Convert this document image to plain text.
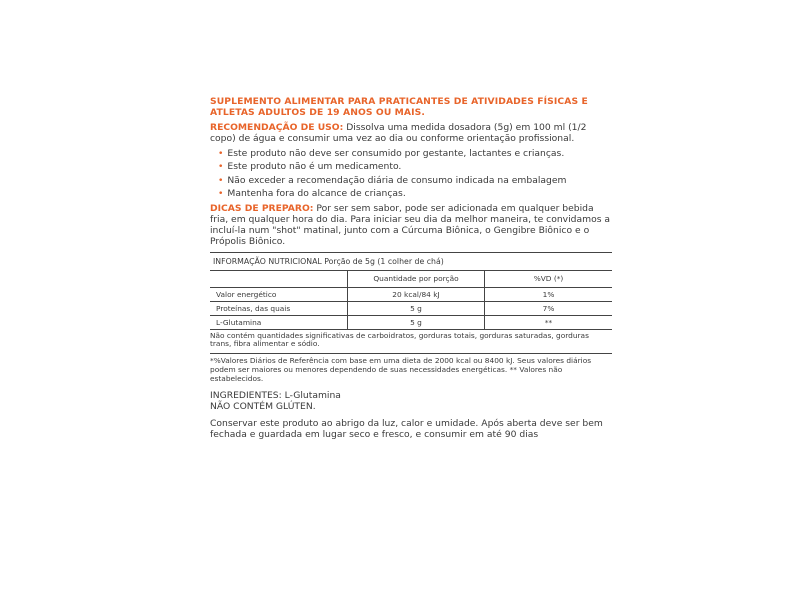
SUPLEMENTO ALIMENTAR PARA PRATICANTES DE ATIVIDADES FÍSICAS E ATLETAS ADULTOS DE 19 ANOS OU MAIS.

RECOMENDAÇÃO DE USO: Dissolva uma medida dosadora (5g) em 100 ml (1/2 copo) de água e consumir uma vez ao dia ou conforme orientação profissional.

• Este produto não deve ser consumido por gestante, lactantes e crianças.
• Este produto não é um medicamento.
• Não exceder a recomendação diária de consumo indicada na embalagem
• Mantenha fora do alcance de crianças.

DICAS DE PREPARO: Por ser sem sabor, pode ser adicionada em qualquer bebida fria, em qualquer hora do dia. Para iniciar seu dia da melhor maneira, te convidamos a incluí-la num "shot" matinal, junto com a Cúrcuma Biônica, o Gengibre Biônico e o Própolis Biônico.

INFORMAÇÃO NUTRICIONAL Porção de 5g (1 colher de chá)		
	Quantidade por porção	%VD (*)
Valor energético	20 kcal/84 kJ	1%
Proteínas, das quais	5 g	7%
L-Glutamina	5 g	**

Não contém quantidades significativas de carboidratos, gorduras totais, gorduras saturadas, gorduras trans, fibra alimentar e sódio.

*%Valores Diários de Referência com base em uma dieta de 2000 kcal ou 8400 kJ. Seus valores diários podem ser maiores ou menores dependendo de suas necessidades energéticas. ** Valores não estabelecidos.

INGREDIENTES: L-Glutamina

NÃO CONTÉM GLÚTEN.

Conservar este produto ao abrigo da luz, calor e umidade. Após aberta deve ser bem fechada e guardada em lugar seco e fresco, e consumir em até 90 dias
